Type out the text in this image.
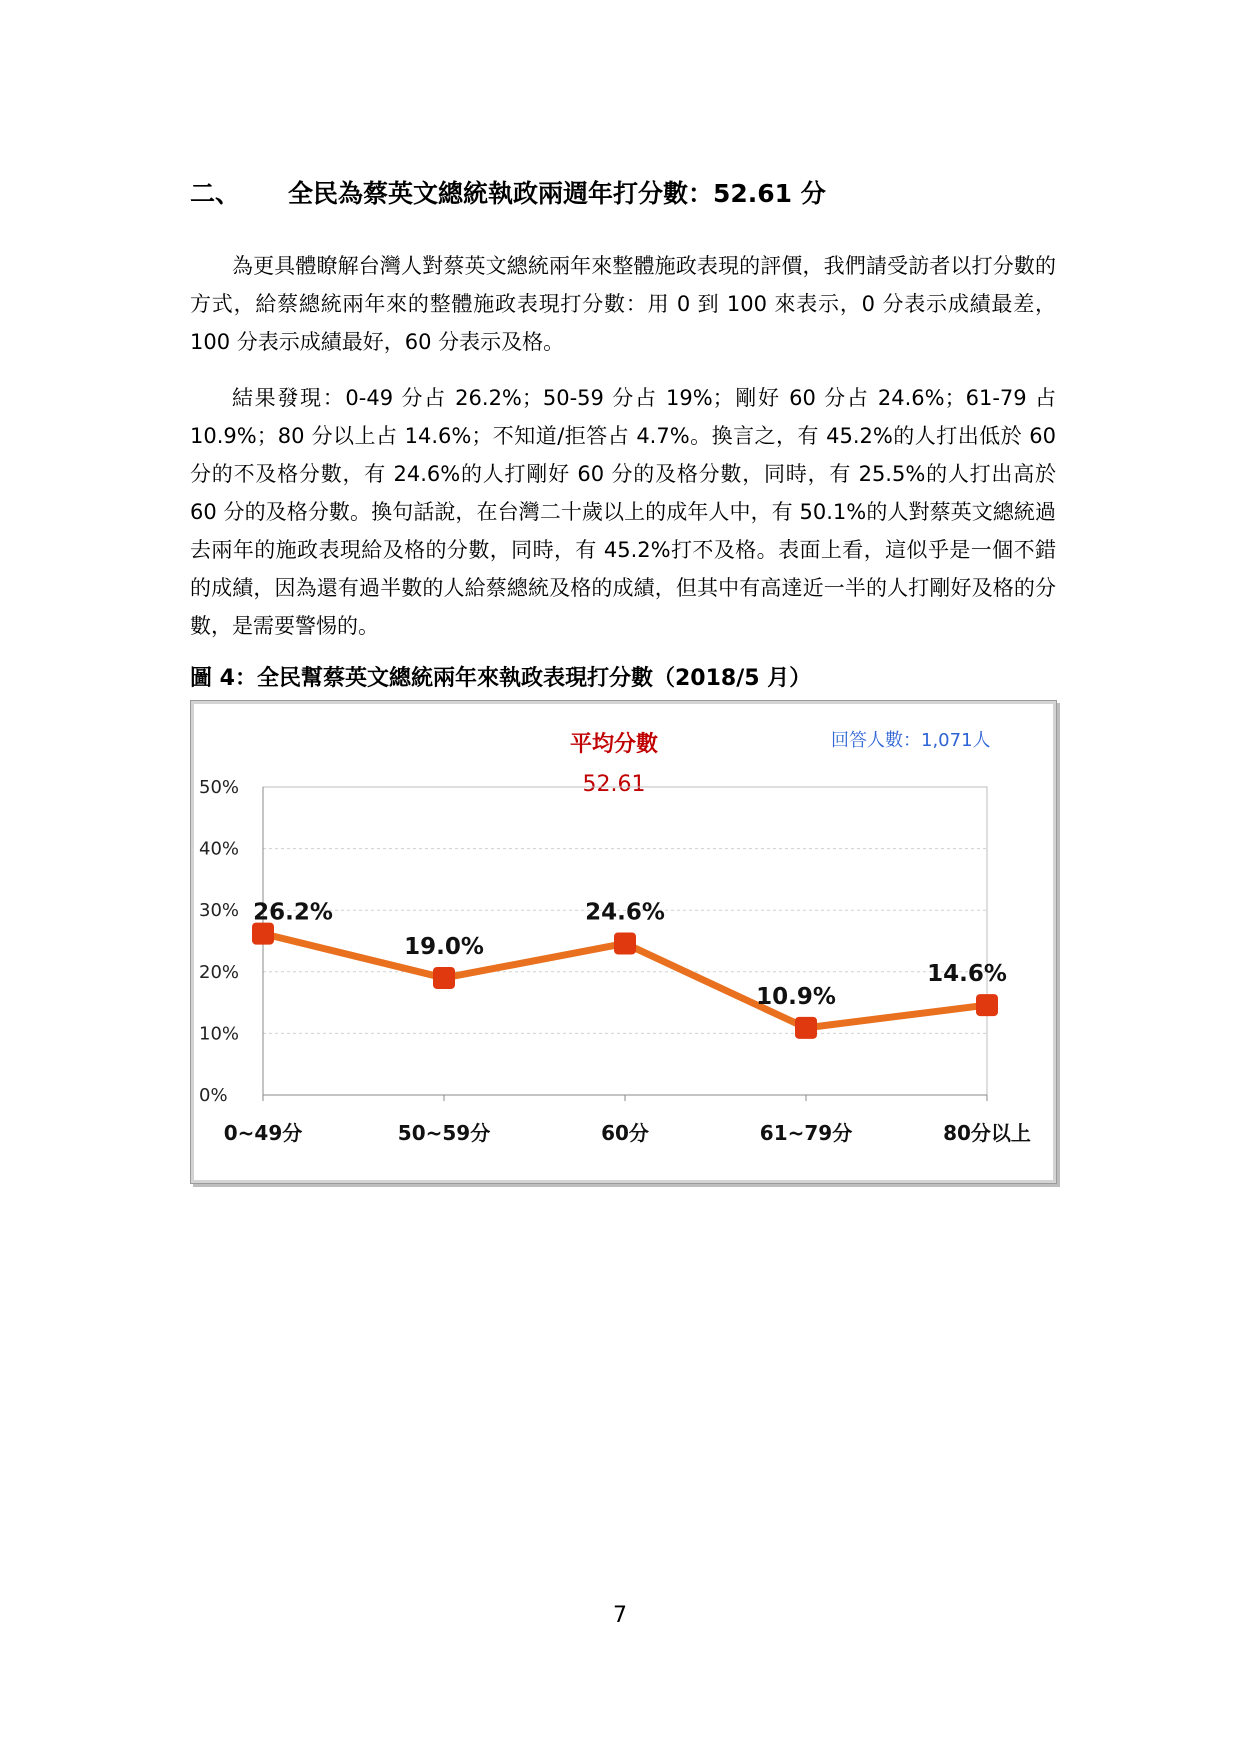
二、	全民為蔡英文總統執政兩週年打分數：52.61 分

為更具體瞭解台灣人對蔡英文總統兩年來整體施政表現的評價，我們請受訪者以打分數的方式，給蔡總統兩年來的整體施政表現打分數：用 0 到 100 來表示，0 分表示成績最差，100 分表示成績最好，60 分表示及格。

結果發現：0-49 分占 26.2%；50-59 分占 19%；剛好 60 分占 24.6%；61-79 占 10.9%；80 分以上占 14.6%；不知道/拒答占 4.7%。換言之，有 45.2%的人打出低於 60 分的不及格分數，有 24.6%的人打剛好 60 分的及格分數，同時，有 25.5%的人打出高於 60 分的及格分數。換句話說，在台灣二十歲以上的成年人中，有 50.1%的人對蔡英文總統過去兩年的施政表現給及格的分數，同時，有 45.2%打不及格。表面上看，這似乎是一個不錯的成績，因為還有過半數的人給蔡總統及格的成績，但其中有高達近一半的人打剛好及格的分數，是需要警惕的。

圖 4：全民幫蔡英文總統兩年來執政表現打分數（2018/5 月）
平均分數
52.61
回答人數：1,071人
0%
10%
20%
30%
40%
50%
0~49分	50~59分	60分	61~79分	80分以上
26.2%
19.0%
24.6%
10.9%
14.6%
7
